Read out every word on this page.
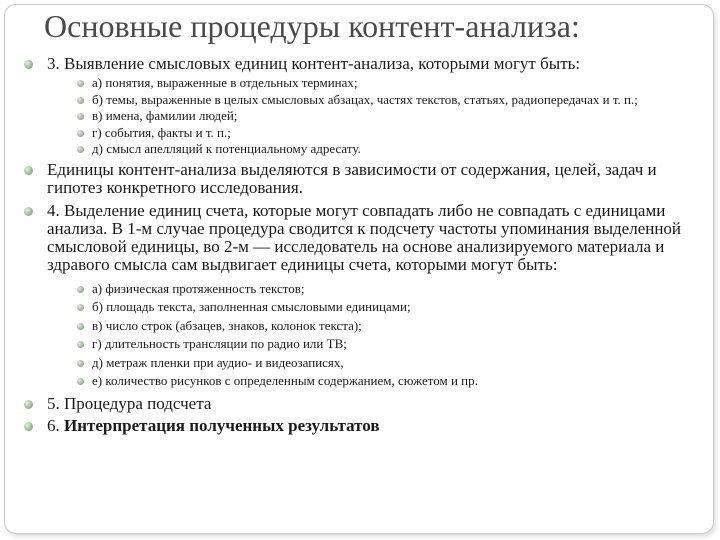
Основные процедуры контент-анализа:
3. Выявление смысловых единиц контент-анализа, которыми могут быть:
а) понятия, выраженные в отдельных терминах;
б) темы, выраженные в целых смысловых абзацах, частях текстов, статьях, радиопередачах и т. п.;
в) имена, фамилии людей;
г) события, факты и т. п.;
д) смысл апелляций к потенциальному адресату.
Единицы контент-анализа выделяются в зависимости от содержания, целей, задач и гипотез конкретного исследования.
4. Выделение единиц счета, которые могут совпадать либо не совпадать с единицами анализа. В 1-м случае процедура сводится к подсчету частоты упоминания выделенной смысловой единицы, во 2-м — исследователь на основе анализируемого материала и здравого смысла сам выдвигает единицы счета, которыми могут быть:
а) физическая протяженность текстов;
б) площадь текста, заполненная смысловыми единицами;
в) число строк (абзацев, знаков, колонок текста);
г) длительность трансляции по радио или ТВ;
д) метраж пленки при аудио- и видеозаписях,
е) количество рисунков с определенным содержанием, сюжетом и пр.
5. Процедура подсчета
6. Интерпретация полученных результатов
